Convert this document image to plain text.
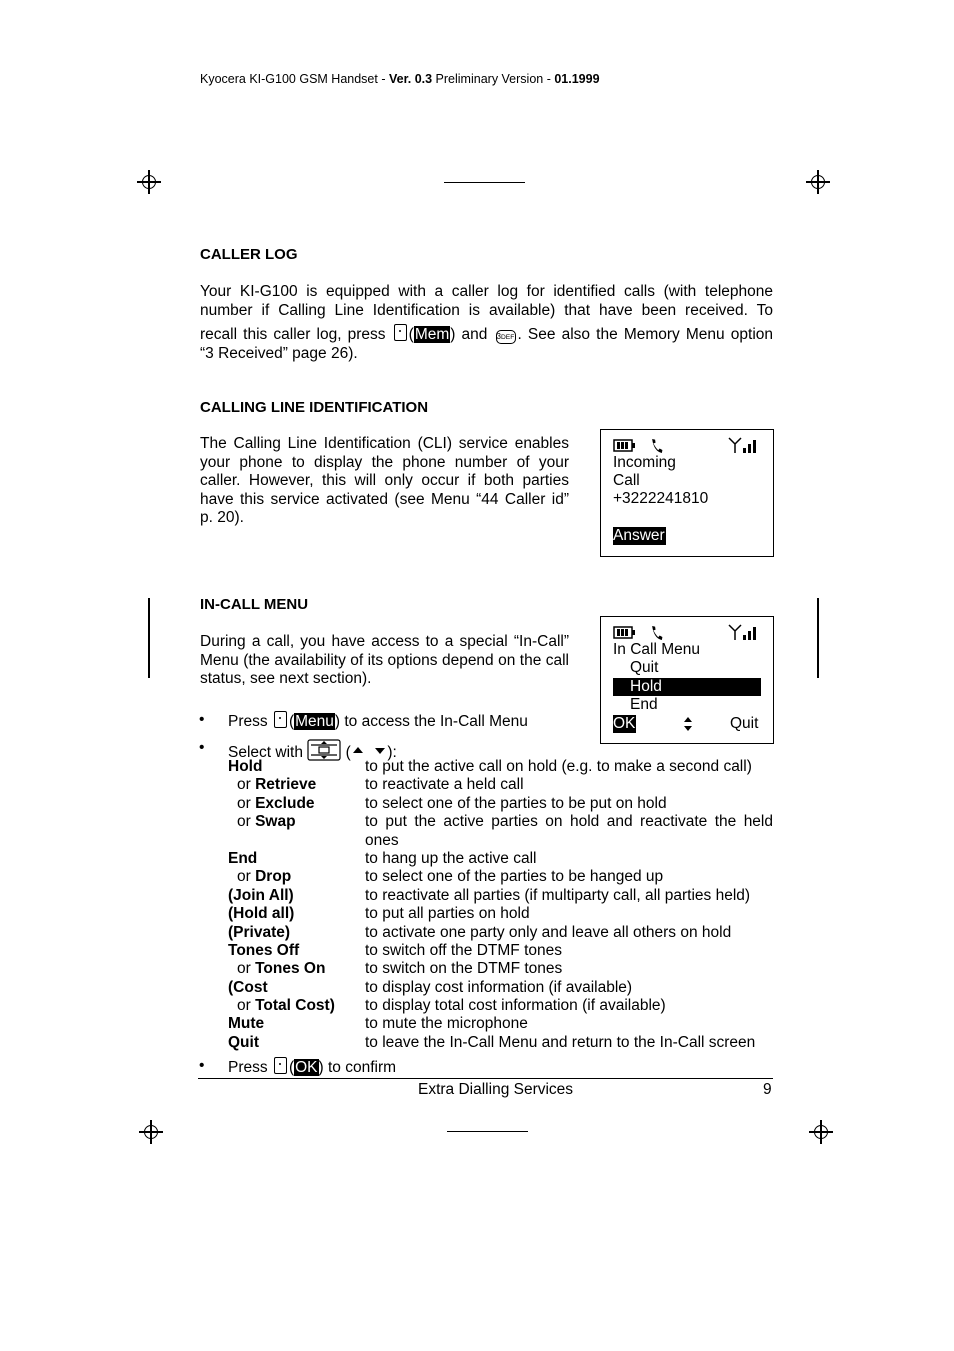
Kyocera KI-G100 GSM Handset - Ver. 0.3 Preliminary Version - 01.1999
CALLER LOG
Your KI-G100 is equipped with a caller log for identified calls (with telephone number if Calling Line Identification is available) that have been received. To
recall this caller log, press (Mem) and 3DEF . See also the Memory Menu option
“3 Received” page 26).
CALLING LINE IDENTIFICATION
The Calling Line Identification (CLI) service enables your phone to display the phone number of your caller. However, this will only occur if both parties have this service activated (see Menu “44 Caller id” p. 20).
Incoming
Call
+3222241810
Answer
IN-CALL MENU
During a call, you have access to a special “In-Call” Menu (the availability of its options depend on the call status, see next section).
In Call Menu
Quit
Hold
End
OK	Quit
• Press (Menu) to access the In-Call Menu
• Select with  ( ):
Hold	to put the active call on hold (e.g. to make a second call)
or Retrieve	to reactivate a held call
or Exclude	to select one of the parties to be put on hold
or Swap	to put the active parties on hold and reactivate the held
ones
End	to hang up the active call
or Drop	to select one of the parties to be hanged up
(Join All)	to reactivate all parties (if multiparty call, all parties held)
(Hold all)	to put all parties on hold
(Private)	to activate one party only and leave all others on hold
Tones Off	to switch off the DTMF tones
or Tones On	to switch on the DTMF tones
(Cost	to display cost information (if available)
or Total Cost) to display total cost information (if available)
Mute	to mute the microphone
Quit	to leave the In-Call Menu and return to the In-Call screen
• Press (OK) to confirm
Extra Dialling Services	9
